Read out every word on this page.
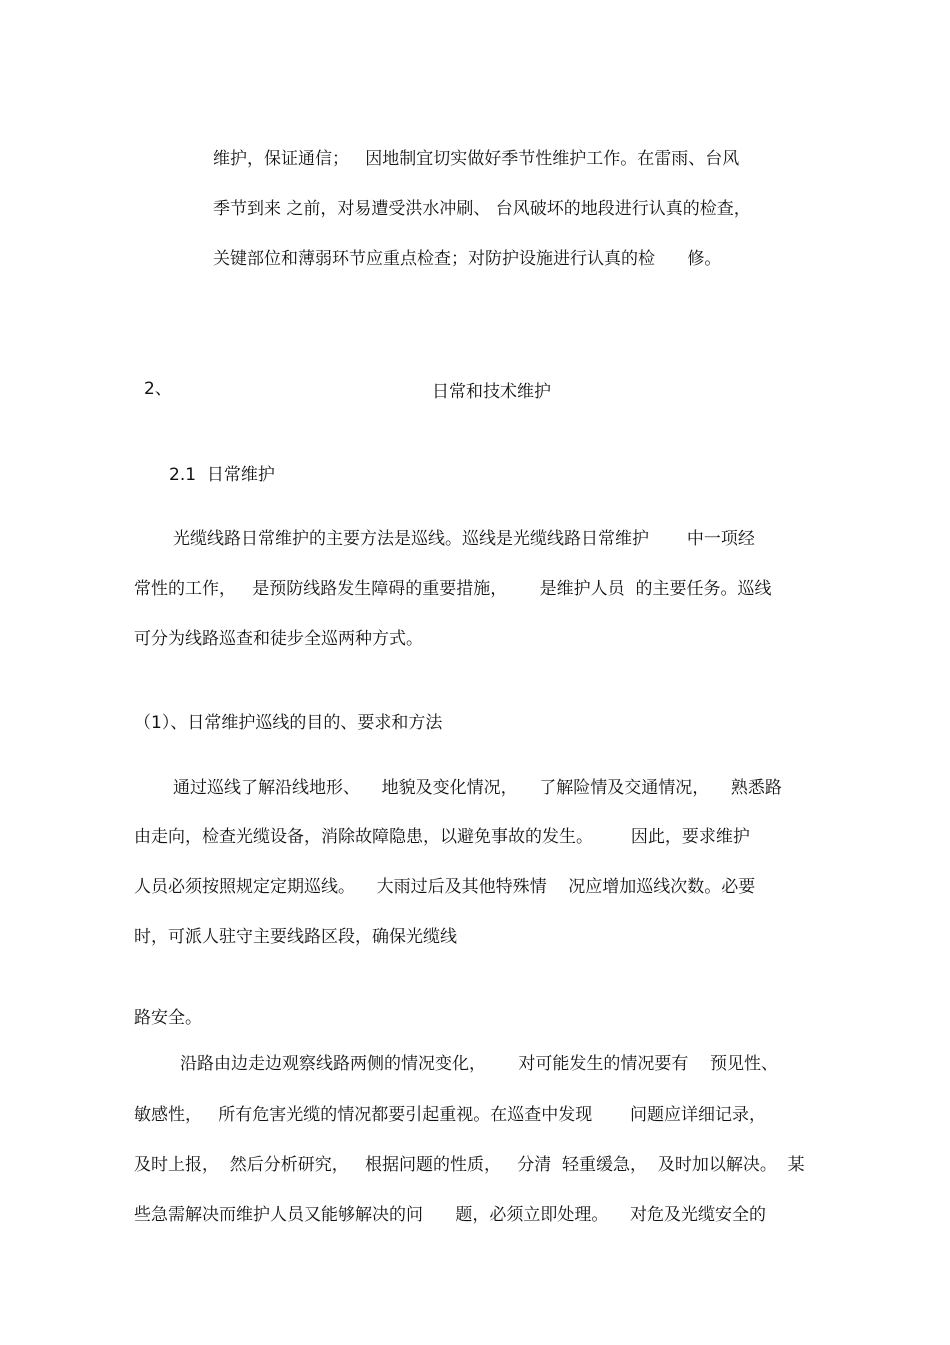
维护，保证通信；   因地制宜切实做好季节性维护工作。在雷雨、台风
季节到来 之前，对易遭受洪水冲刷、 台风破坏的地段进行认真的检查，
关键部位和薄弱环节应重点检查；对防护设施进行认真的检      修。
2、	日常和技术维护
2.1  日常维护
光缆线路日常维护的主要方法是巡线。巡线是光缆线路日常维护       中一项经
常性的工作，   是预防线路发生障碍的重要措施，      是维护人员  的主要任务。巡线
可分为线路巡查和徒步全巡两种方式。
（1）、日常维护巡线的目的、要求和方法
通过巡线了解沿线地形、    地貌及变化情况，    了解险情及交通情况，    熟悉路
由走向，检查光缆设备，消除故障隐患，以避免事故的发生。       因此，要求维护
人员必须按照规定定期巡线。    大雨过后及其他特殊情    况应增加巡线次数。必要
时，可派人驻守主要线路区段，确保光缆线
路安全。
沿路由边走边观察线路两侧的情况变化，      对可能发生的情况要有    预见性、
敏感性，   所有危害光缆的情况都要引起重视。在巡查中发现       问题应详细记录，
及时上报，  然后分析研究，   根据问题的性质，   分清  轻重缓急，  及时加以解决。  某
些急需解决而维护人员又能够解决的问      题，必须立即处理。    对危及光缆安全的
